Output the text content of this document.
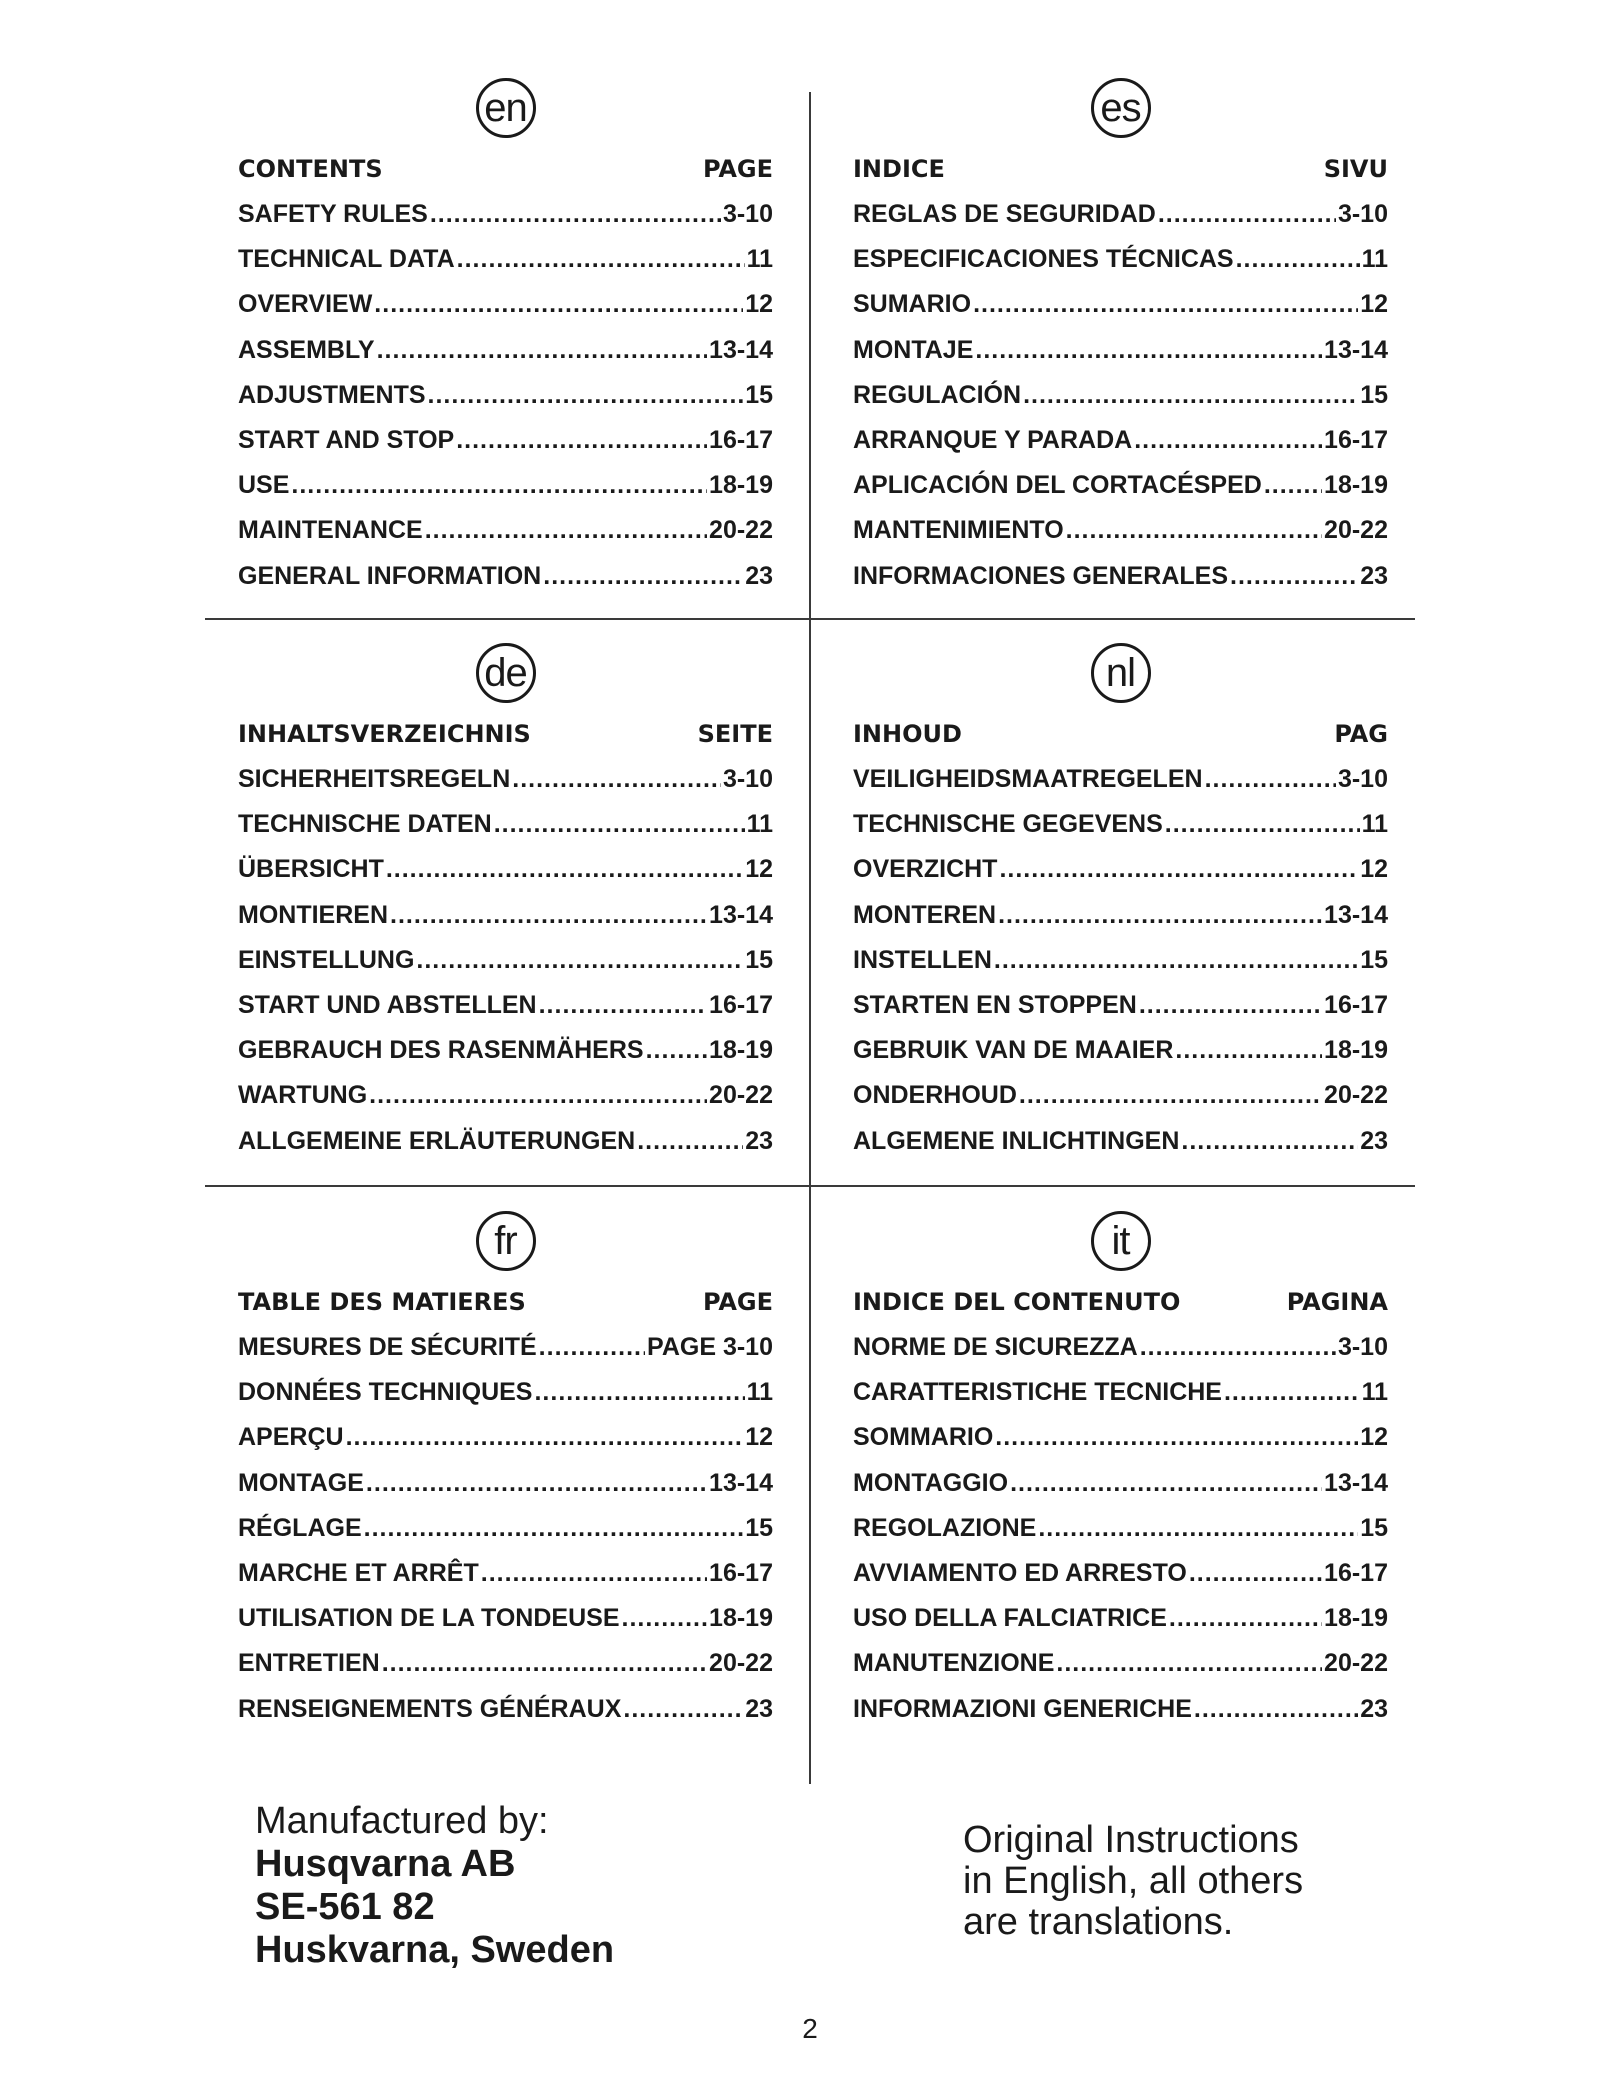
en
CONTENTS	PAGE
SAFETY RULES .....	3-10
TECHNICAL DATA .....	11
OVERVIEW .....	12
ASSEMBLY .....	13-14
ADJUSTMENTS .....	15
START AND STOP .....	16-17
USE .....	18-19
MAINTENANCE .....	20-22
GENERAL INFORMATION .....	23
es
INDICE	SIVU
REGLAS DE SEGURIDAD .....	3-10
ESPECIFICACIONES TÉCNICAS .....	11
SUMARIO .....	12
MONTAJE .....	13-14
REGULACIÓN .....	15
ARRANQUE Y PARADA .....	16-17
APLICACIÓN DEL CORTACÉSPED ..... 18-19
MANTENIMIENTO .....	20-22
INFORMACIONES GENERALES .....	23
de
INHALTSVERZEICHNIS	SEITE
SICHERHEITSREGELN .....	3-10
TECHNISCHE DATEN .....	11
ÜBERSICHT .....	12
MONTIEREN .....	13-14
EINSTELLUNG .....	15
START UND ABSTELLEN .....	16-17
GEBRAUCH DES RASENMÄHERS .....	18-19
WARTUNG .....	20-22
ALLGEMEINE ERLÄUTERUNGEN .....	23
nl
INHOUD	PAG
VEILIGHEIDSMAATREGELEN .....	3-10
TECHNISCHE GEGEVENS .....	11
OVERZICHT .....	12
MONTEREN .....	13-14
INSTELLEN .....	15
STARTEN EN STOPPEN .....	16-17
GEBRUIK VAN DE MAAIER .....	18-19
ONDERHOUD .....	20-22
ALGEMENE INLICHTINGEN .....	23
fr
TABLE DES MATIERES	PAGE
MESURES DE SÉCURITÉ .....	PAGE 3-10
DONNÉES TECHNIQUES .....	11
APERÇU .....	12
MONTAGE .....	13-14
RÉGLAGE .....	15
MARCHE ET ARRÊT .....	16-17
UTILISATION DE LA TONDEUSE .....	18-19
ENTRETIEN .....	20-22
RENSEIGNEMENTS GÉNÉRAUX .....	23
it
INDICE DEL CONTENUTO	PAGINA
NORME DE SICUREZZA .....	3-10
CARATTERISTICHE TECNICHE .....	11
SOMMARIO .....	12
MONTAGGIO .....	13-14
REGOLAZIONE .....	15
AVVIAMENTO ED ARRESTO .....	16-17
USO DELLA FALCIATRICE .....	18-19
MANUTENZIONE .....	20-22
INFORMAZIONI GENERICHE .....	23
Manufactured by:
Husqvarna AB
SE-561 82
Huskvarna, Sweden
Original Instructions
in English, all others
are translations.
2
